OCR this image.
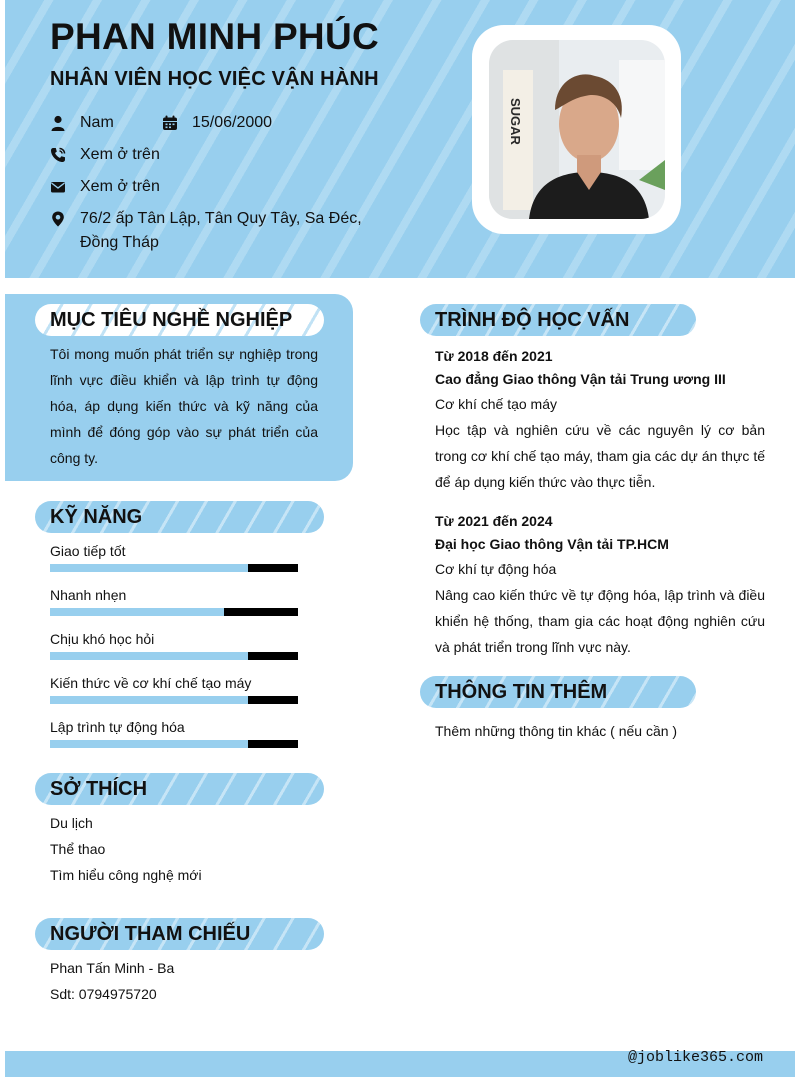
PHAN MINH PHÚC
NHÂN VIÊN HỌC VIỆC VẬN HÀNH
Nam	15/06/2000
Xem ở trên
Xem ở trên
76/2 ấp Tân Lập, Tân Quy Tây, Sa Đéc, Đồng Tháp
SUGAR
MỤC TIÊU NGHỀ NGHIỆP

Tôi mong muốn phát triển sự nghiệp trong lĩnh vực điều khiển và lập trình tự động hóa, áp dụng kiến thức và kỹ năng của mình để đóng góp vào sự phát triển của công ty.

KỸ NĂNG
Giao tiếp tốt
Nhanh nhẹn
Chịu khó học hỏi
Kiến thức về cơ khí chế tạo máy
Lập trình tự động hóa
SỞ THÍCH
Du lịch
Thể thao
Tìm hiểu công nghệ mới
NGƯỜI THAM CHIẾU
Phan Tấn Minh - Ba
Sdt: 0794975720
TRÌNH ĐỘ HỌC VẤN
Từ 2018 đến 2021
Cao đẳng Giao thông Vận tải Trung ương III
Cơ khí chế tạo máy

Học tập và nghiên cứu về các nguyên lý cơ bản trong cơ khí chế tạo máy, tham gia các dự án thực tế để áp dụng kiến thức vào thực tiễn.

Từ 2021 đến 2024
Đại học Giao thông Vận tải TP.HCM
Cơ khí tự động hóa

Nâng cao kiến thức về tự động hóa, lập trình và điều khiển hệ thống, tham gia các hoạt động nghiên cứu và phát triển trong lĩnh vực này.

THÔNG TIN THÊM
Thêm những thông tin khác ( nếu cần )
@joblike365.com
